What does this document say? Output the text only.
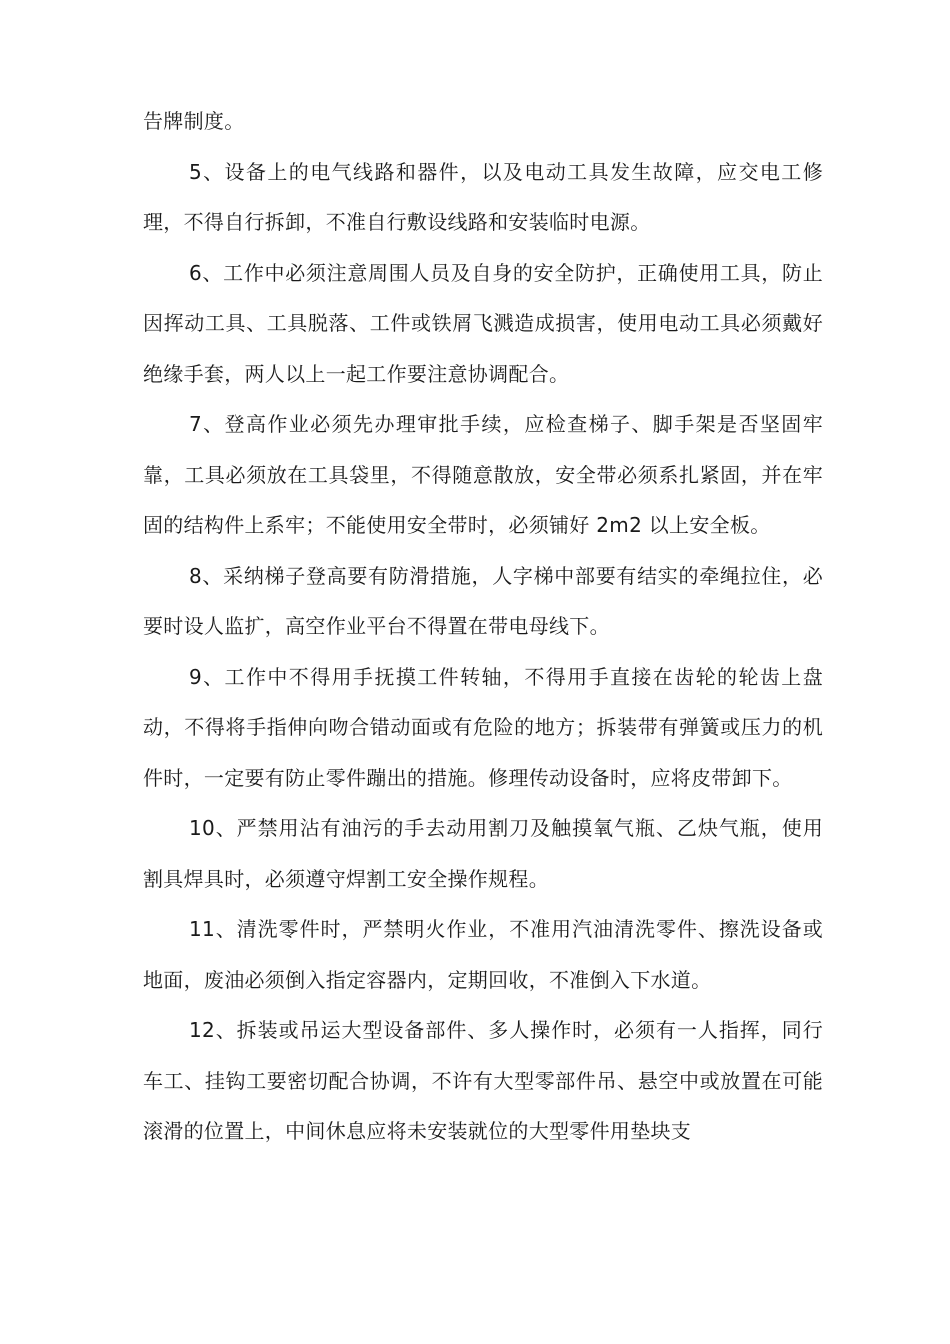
告牌制度。

5、设备上的电气线路和器件，以及电动工具发生故障，应交电工修理，不得自行拆卸，不准自行敷设线路和安装临时电源。

6、工作中必须注意周围人员及自身的安全防护，正确使用工具，防止因挥动工具、工具脱落、工件或铁屑飞溅造成损害，使用电动工具必须戴好绝缘手套，两人以上一起工作要注意协调配合。

7、登高作业必须先办理审批手续，应检查梯子、脚手架是否坚固牢靠，工具必须放在工具袋里，不得随意散放，安全带必须系扎紧固，并在牢固的结构件上系牢；不能使用安全带时，必须铺好 2m2 以上安全板。

8、采纳梯子登高要有防滑措施，人字梯中部要有结实的牵绳拉住，必要时设人监扩，高空作业平台不得置在带电母线下。

9、工作中不得用手抚摸工件转轴，不得用手直接在齿轮的轮齿上盘动，不得将手指伸向吻合错动面或有危险的地方；拆装带有弹簧或压力的机件时，一定要有防止零件蹦出的措施。修理传动设备时，应将皮带卸下。

10、严禁用沾有油污的手去动用割刀及触摸氧气瓶、乙炔气瓶，使用割具焊具时，必须遵守焊割工安全操作规程。

11、清洗零件时，严禁明火作业，不准用汽油清洗零件、擦洗设备或地面，废油必须倒入指定容器内，定期回收，不准倒入下水道。

12、拆装或吊运大型设备部件、多人操作时，必须有一人指挥，同行车工、挂钩工要密切配合协调，不许有大型零部件吊、悬空中或放置在可能滚滑的位置上，中间休息应将未安装就位的大型零件用垫块支
